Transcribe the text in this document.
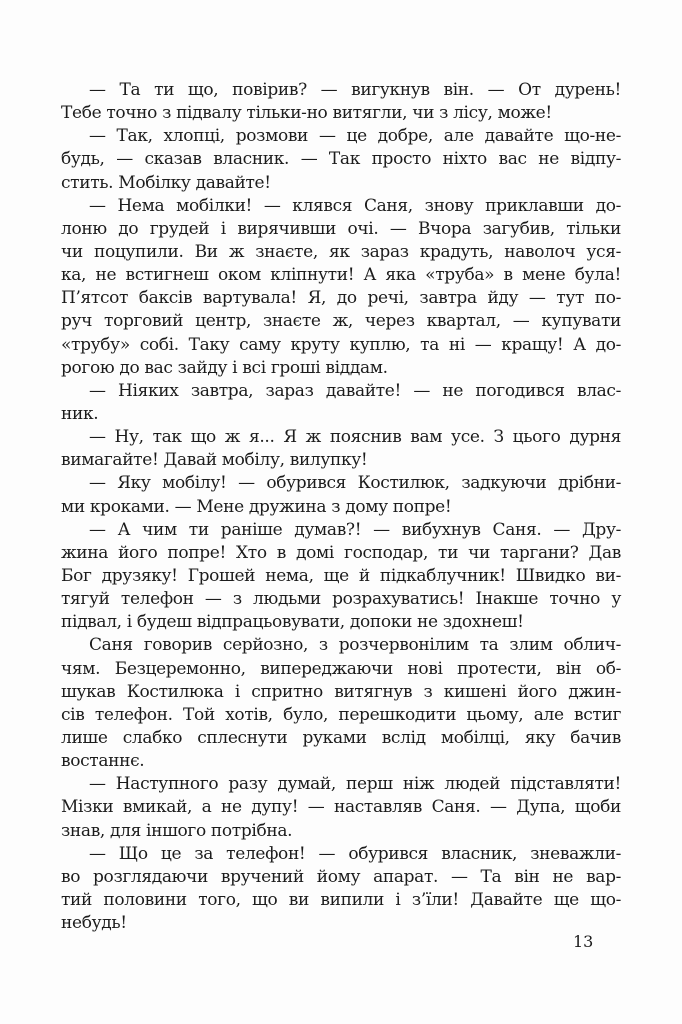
— Та ти що, повірив? — вигукнув він. — От дурень!
Тебе точно з підвалу тільки-но витягли, чи з лісу, може!
— Так, хлопці, розмови — це добре, але давайте що-не-
будь, — сказав власник. — Так просто ніхто вас не відпу-
стить. Мобілку давайте!
— Нема мобілки! — клявся Саня, знову приклавши до-
лоню до грудей і вирячивши очі. — Вчора загубив, тільки
чи поцупили. Ви ж знаєте, як зараз крадуть, наволоч уся-
ка, не встигнеш оком кліпнути! А яка «труба» в мене була!
П’ятсот баксів вартувала! Я, до речі, завтра йду — тут по-
руч торговий центр, знаєте ж, через квартал, — купувати
«трубу» собі. Таку саму круту куплю, та ні — кращу! А до-
рогою до вас зайду і всі гроші віддам.
— Ніяких завтра, зараз давайте! — не погодився влас-
ник.
— Ну, так що ж я... Я ж пояснив вам усе. З цього дурня
вимагайте! Давай мобілу, вилупку!
— Яку мобілу! — обурився Костилюк, задкуючи дрібни-
ми кроками. — Мене дружина з дому попре!
— А чим ти раніше думав?! — вибухнув Саня. — Дру-
жина його попре! Хто в домі господар, ти чи таргани? Дав
Бог друзяку! Грошей нема, ще й підкаблучник! Швидко ви-
тягуй телефон — з людьми розрахуватись! Інакше точно у
підвал, і будеш відпрацьовувати, допоки не здохнеш!
Саня говорив серйозно, з розчервонілим та злим облич-
чям. Безцеремонно, випереджаючи нові протести, він об-
шукав Костилюка і спритно витягнув з кишені його джин-
сів телефон. Той хотів, було, перешкодити цьому, але встиг
лише слабко сплеснути руками вслід мобілці, яку бачив
востаннє.
— Наступного разу думай, перш ніж людей підставляти!
Мізки вмикай, а не дупу! — наставляв Саня. — Дупа, щоби
знав, для іншого потрібна.
— Що це за телефон! — обурився власник, зневажли-
во розглядаючи вручений йому апарат. — Та він не вар-
тий половини того, що ви випили і з’їли! Давайте ще що-
небудь!
13
